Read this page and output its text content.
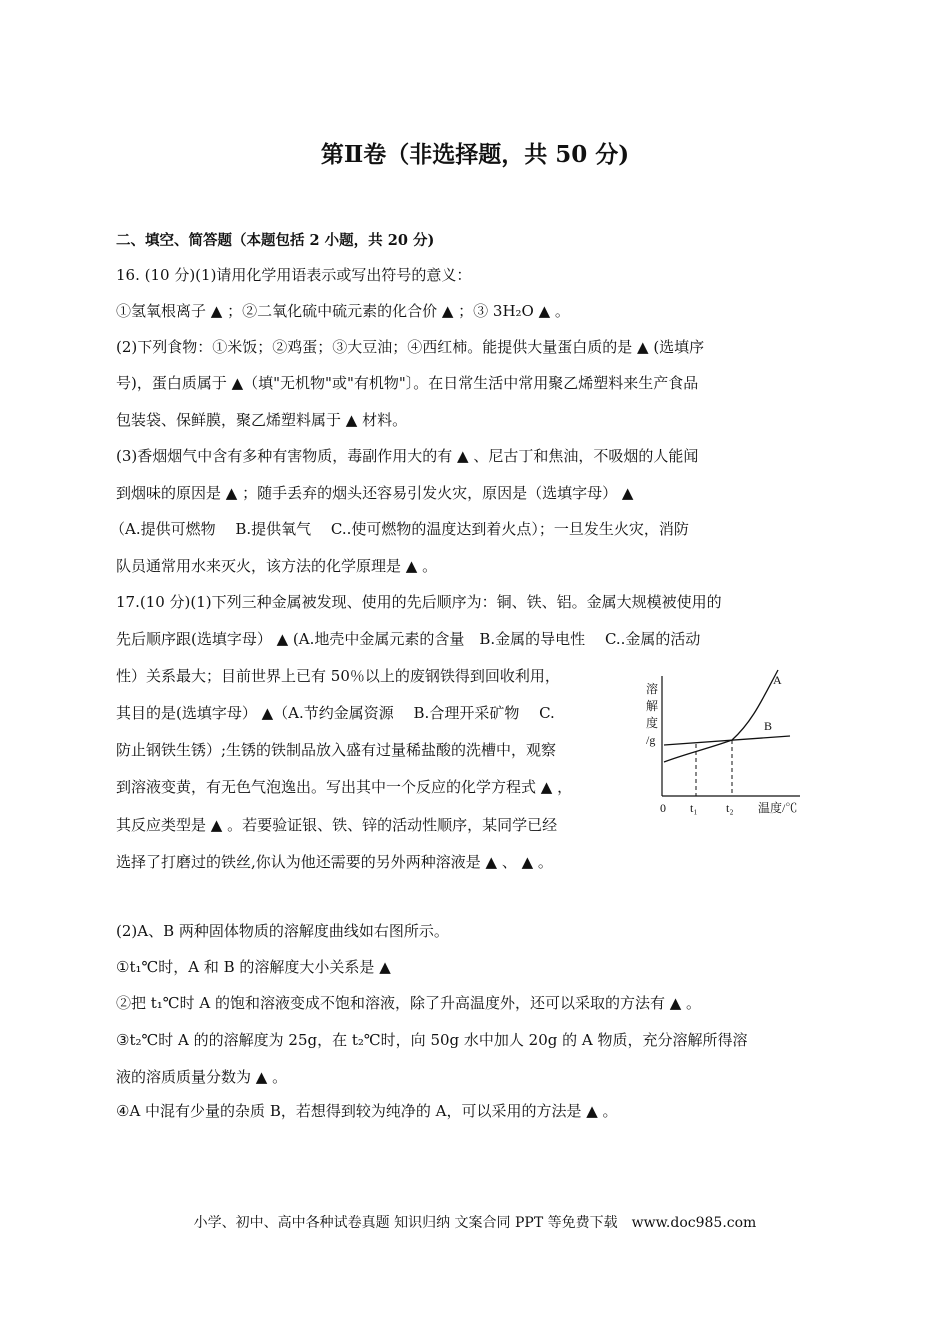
第Ⅱ卷（非选择题，共 50 分)
二、填空、简答题（本题包括 2 小题，共 20 分)
16. (10 分)(1)请用化学用语表示或写出符号的意义：
①氢氧根离子 ▲ ；②二氧化硫中硫元素的化合价 ▲ ；③ 3H₂O ▲ 。
(2)下列食物：①米饭；②鸡蛋；③大豆油；④西红柿。能提供大量蛋白质的是 ▲ (选填序
号)，蛋白质属于 ▲（填"无机物"或"有机物"〕。在日常生活中常用聚乙烯塑料来生产食品
包装袋、保鲜膜，聚乙烯塑料属于 ▲ 材料。
(3)香烟烟气中含有多种有害物质，毒副作用大的有 ▲ 、尼古丁和焦油，不吸烟的人能闻
到烟味的原因是 ▲ ；随手丢弃的烟头还容易引发火灾，原因是（选填字母） ▲
（A.提供可燃物　 B.提供氧气　 C..使可燃物的温度达到着火点）；一旦发生火灾，消防
队员通常用水来灭火，该方法的化学原理是 ▲ 。
17.(10 分)(1)下列三种金属被发现、使用的先后顺序为：铜、铁、铝。金属大规模被使用的
先后顺序跟(选填字母） ▲ (A.地壳中金属元素的含量　B.金属的导电性　 C..金属的活动
性）关系最大；目前世界上已有 50％以上的废钢铁得到回收利用，
其目的是(选填字母） ▲（A.节约金属资源　 B.合理开采矿物　 C.
防止钢铁生锈）;生锈的铁制品放入盛有过量稀盐酸的洗槽中，观察
到溶液变黄，有无色气泡逸出。写出其中一个反应的化学方程式 ▲ ，
其反应类型是 ▲ 。若要验证银、铁、锌的活动性顺序，某同学已经
选择了打磨过的铁丝,你认为他还需要的另外两种溶液是 ▲ 、 ▲ 。
(2)A、B 两种固体物质的溶解度曲线如右图所示。
①t₁℃时，A 和 B 的溶解度大小关系是 ▲
②把 t₁℃时 A 的饱和溶液变成不饱和溶液，除了升高温度外，还可以采取的方法有 ▲ 。
③t₂℃时 A 的的溶解度为 25g，在 t₂℃时，向 50g 水中加人 20g 的 A 物质，充分溶解所得溶
液的溶质质量分数为 ▲ 。
④A 中混有少量的杂质 B，若想得到较为纯净的 A，可以采用的方法是 ▲ 。
溶
解
度
/g
0 t₁ t₂ 温度/℃
A
B
小学、初中、高中各种试卷真题 知识归纳 文案合同 PPT 等免费下载　www.doc985.com
